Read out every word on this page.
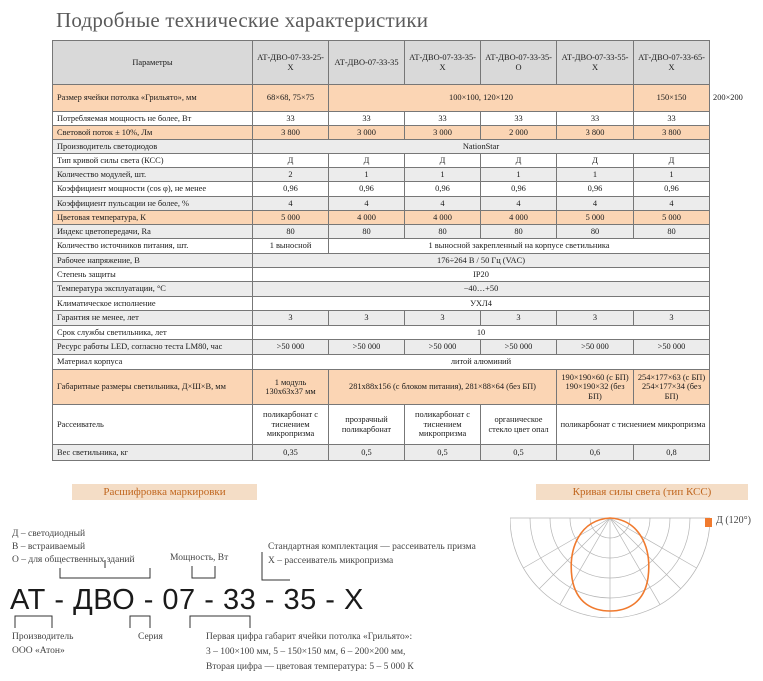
Подробные технические характеристики
Параметры	АТ-ДВО-07-33-25-Х	АТ-ДВО-07-33-35	АТ-ДВО-07-33-35-Х	АТ-ДВО-07-33-35-О	АТ-ДВО-07-33-55-Х	АТ-ДВО-07-33-65-Х	
Размер ячейки потолка «Грильято», мм	68×68, 75×75	100×100, 120×120				150×150	200×200
Потребляемая мощность не более, Вт	33	33	33	33	33	33	
Световой поток ± 10%, Лм	3 800	3 000	3 000	2 000	3 800	3 800	
Производитель светодиодов	NationStar						
Тип кривой силы света (КСС)	Д	Д	Д	Д	Д	Д	
Количество модулей, шт.	2	1	1	1	1	1	
Коэффициент мощности (cos φ), не менее	0,96	0,96	0,96	0,96	0,96	0,96	
Коэффициент пульсации не более, %	4	4	4	4	4	4	
Цветовая температура, К	5 000	4 000	4 000	4 000	5 000	5 000	
Индекс цветопередачи, Ra	80	80	80	80	80	80	
Количество источников питания, шт.	1 выносной	1 выносной закрепленный на корпусе светильника					
Рабочее напряжение, В	176÷264 В / 50 Гц (VAC)						
Степень защиты	IP20						
Температура эксплуатации, °С	−40…+50						
Климатическое исполнение	УХЛ4						
Гарантия не менее, лет	3	3	3	3	3	3	
Срок службы светильника, лет	10						
Ресурс работы LED, согласно теста LM80, час	>50 000	>50 000	>50 000	>50 000	>50 000	>50 000	
Материал корпуса	литой алюминий						
Габаритные размеры светильника, Д×Ш×В, мм	1 модуль 130х63х37 мм	281х88х156 (с блоком питания), 281×88×64 (без БП)			190×190×60 (с БП) 190×190×32 (без БП)	254×177×63 (с БП) 254×177×34 (без БП)	
Рассеиватель	поликарбонат с тиснением микропризма	прозрачный поликарбонат	поликарбонат с тиснением микропризма	органическое стекло цвет опал	поликарбонат с тиснением микропризма		
Вес светильника, кг	0,35	0,5	0,5	0,5	0,6	0,8	
Расшифровка маркировки	Кривая силы света (тип КСС)
Д – светодиодный
В – встраиваемый
О – для общественных зданий	Мощность, Вт
Стандартная комплектация — рассеиватель призма
Х – рассеиватель микропризма
АТ - ДВО - 07 - 33 - 35 - Х
Производитель
ООО «Атон»
Серия	Первая цифра габарит ячейки потолка «Грильято»:
3 – 100×100 мм, 5 – 150×150 мм, 6 – 200×200 мм,
Вторая цифра — цветовая температура: 5 – 5 000 К
Д (120°)
